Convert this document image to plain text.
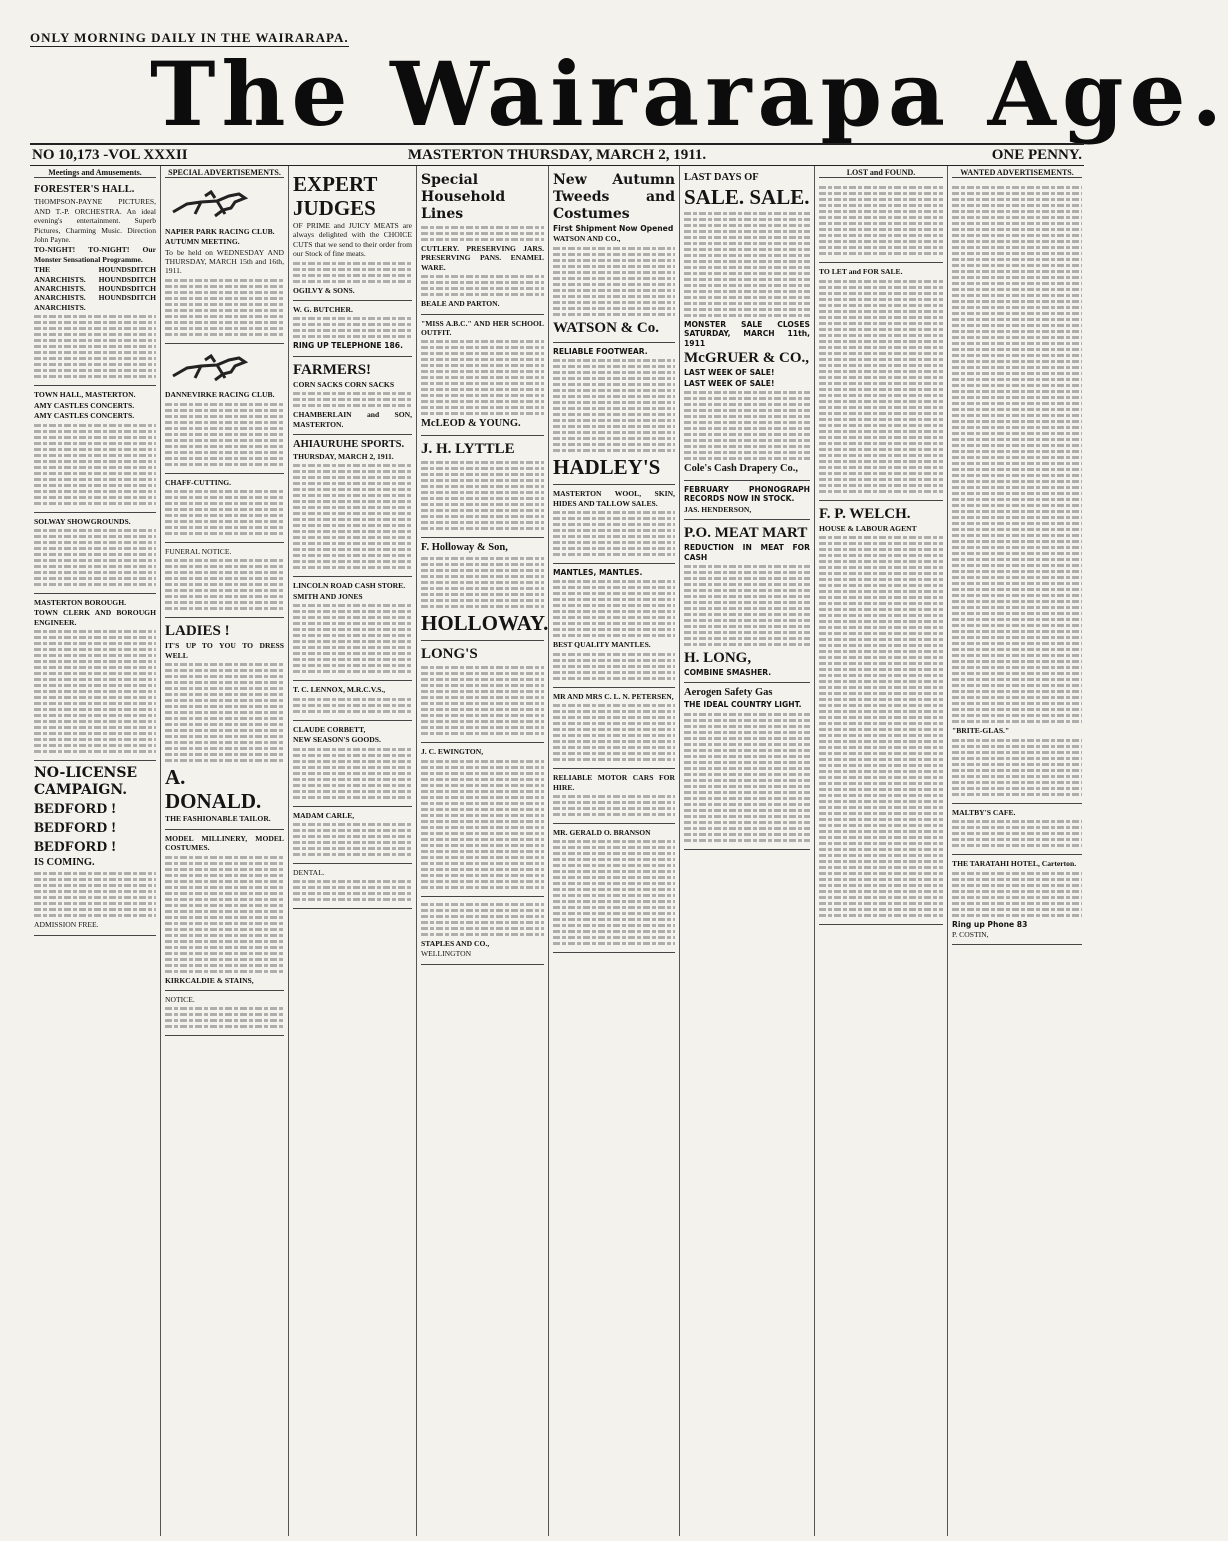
ONLY MORNING DAILY IN THE WAIRARAPA.
The Wairarapa Age.
NO 10,173 -VOL XXXII	MASTERTON THURSDAY, MARCH 2, 1911.	ONE PENNY.
Meetings and Amusements.

FORESTER'S HALL.

THOMPSON-PAYNE PICTURES, AND T.-P. ORCHESTRA. An ideal evening's entertainment. Superb Pictures, Charming Music. Direction John Payne.

TO-NIGHT! TO-NIGHT! Our Monster Sensational Programme.

THE HOUNDSDITCH ANARCHISTS. HOUNDSDITCH ANARCHISTS. HOUNDSDITCH ANARCHISTS. HOUNDSDITCH ANARCHISTS.

TOWN HALL, MASTERTON.

AMY CASTLES CONCERTS.

AMY CASTLES CONCERTS.

SOLWAY SHOWGROUNDS.

MASTERTON BOROUGH.

TOWN CLERK AND BOROUGH ENGINEER.

NO-LICENSE CAMPAIGN.

BEDFORD !

BEDFORD !

BEDFORD !

IS COMING.

ADMISSION FREE.

SPECIAL ADVERTISEMENTS.

NAPIER PARK RACING CLUB.

AUTUMN MEETING.

To be held on WEDNESDAY AND THURSDAY, MARCH 15th and 16th, 1911.

DANNEVIRKE RACING CLUB.

CHAFF-CUTTING.

FUNERAL NOTICE.

LADIES !

IT'S UP TO YOU TO DRESS WELL

A. DONALD.

THE FASHIONABLE TAILOR.

MODEL MILLINERY, MODEL COSTUMES.

KIRKCALDIE & STAINS,

NOTICE.

EXPERT JUDGES

OF PRIME and JUICY MEATS are always delighted with the CHOICE CUTS that we send to their order from our Stock of fine meats.

OGILVY & SONS.

W. G. BUTCHER.

RING UP TELEPHONE 186.

FARMERS!

CORN SACKS CORN SACKS

CHAMBERLAIN and SON, MASTERTON.

AHIAURUHE SPORTS.

THURSDAY, MARCH 2, 1911.

LINCOLN ROAD CASH STORE.

SMITH AND JONES

T. C. LENNOX, M.R.C.V.S.,

CLAUDE CORBETT,

NEW SEASON'S GOODS.

MADAM CARLE,

DENTAL.

Special Household Lines

CUTLERY. PRESERVING JARS. PRESERVING PANS. ENAMEL WARE.

BEALE AND PARTON.

"MISS A.B.C." AND HER SCHOOL OUTFIT.

McLEOD & YOUNG.

J. H. LYTTLE

F. Holloway & Son,

HOLLOWAY.

LONG'S

J. C. EWINGTON,

STAPLES AND CO.,

WELLINGTON

New Autumn Tweeds and Costumes

First Shipment Now Opened

WATSON AND CO.,

WATSON & Co.

RELIABLE FOOTWEAR.

HADLEY'S

MASTERTON WOOL, SKIN, HIDES AND TALLOW SALES.

MANTLES, MANTLES.

BEST QUALITY MANTLES.

MR AND MRS C. L. N. PETERSEN,

RELIABLE MOTOR CARS FOR HIRE.

MR. GERALD O. BRANSON

LAST DAYS OF

SALE. SALE.

MONSTER SALE CLOSES SATURDAY, MARCH 11th, 1911

McGRUER & CO.,

LAST WEEK OF SALE!

LAST WEEK OF SALE!

Cole's Cash Drapery Co.,

FEBRUARY PHONOGRAPH RECORDS NOW IN STOCK.

JAS. HENDERSON,

P.O. MEAT MART

REDUCTION IN MEAT FOR CASH

H. LONG,

COMBINE SMASHER.

Aerogen Safety Gas

THE IDEAL COUNTRY LIGHT.

LOST and FOUND.

TO LET and FOR SALE.

F. P. WELCH.

HOUSE & LABOUR AGENT

WANTED ADVERTISEMENTS.

"BRITE-GLAS."

MALTBY'S CAFE.

THE TARATAHI HOTEL, Carterton.

Ring up Phone 83

P. COSTIN,
